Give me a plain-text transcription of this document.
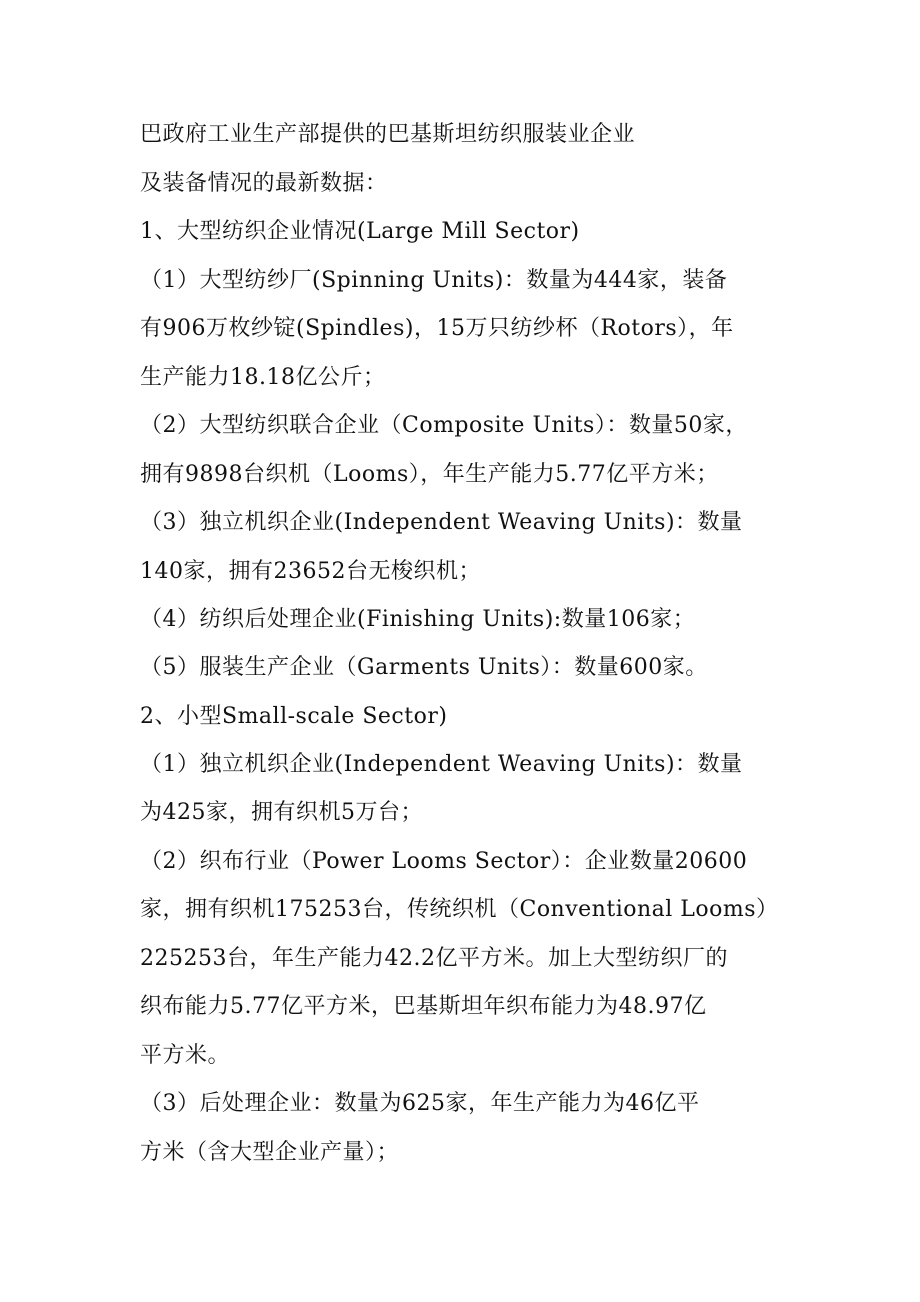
巴政府工业生产部提供的巴基斯坦纺织服装业企业
及装备情况的最新数据：
1、大型纺织企业情况(Large Mill Sector)
（1）大型纺纱厂(Spinning Units)：数量为444家，装备
有906万枚纱锭(Spindles)，15万只纺纱杯（Rotors），年
生产能力18.18亿公斤；
（2）大型纺织联合企业（Composite Units）：数量50家，
拥有9898台织机（Looms），年生产能力5.77亿平方米；
（3）独立机织企业(Independent Weaving Units)：数量
140家，拥有23652台无梭织机；
（4）纺织后处理企业(Finishing Units):数量106家；
（5）服装生产企业（Garments Units）：数量600家。
2、小型Small-scale Sector)
（1）独立机织企业(Independent Weaving Units)：数量
为425家，拥有织机5万台；
（2）织布行业（Power Looms Sector）：企业数量20600
家，拥有织机175253台，传统织机（Conventional Looms）
225253台，年生产能力42.2亿平方米。加上大型纺织厂的
织布能力5.77亿平方米，巴基斯坦年织布能力为48.97亿
平方米。
（3）后处理企业：数量为625家，年生产能力为46亿平
方米（含大型企业产量）；
